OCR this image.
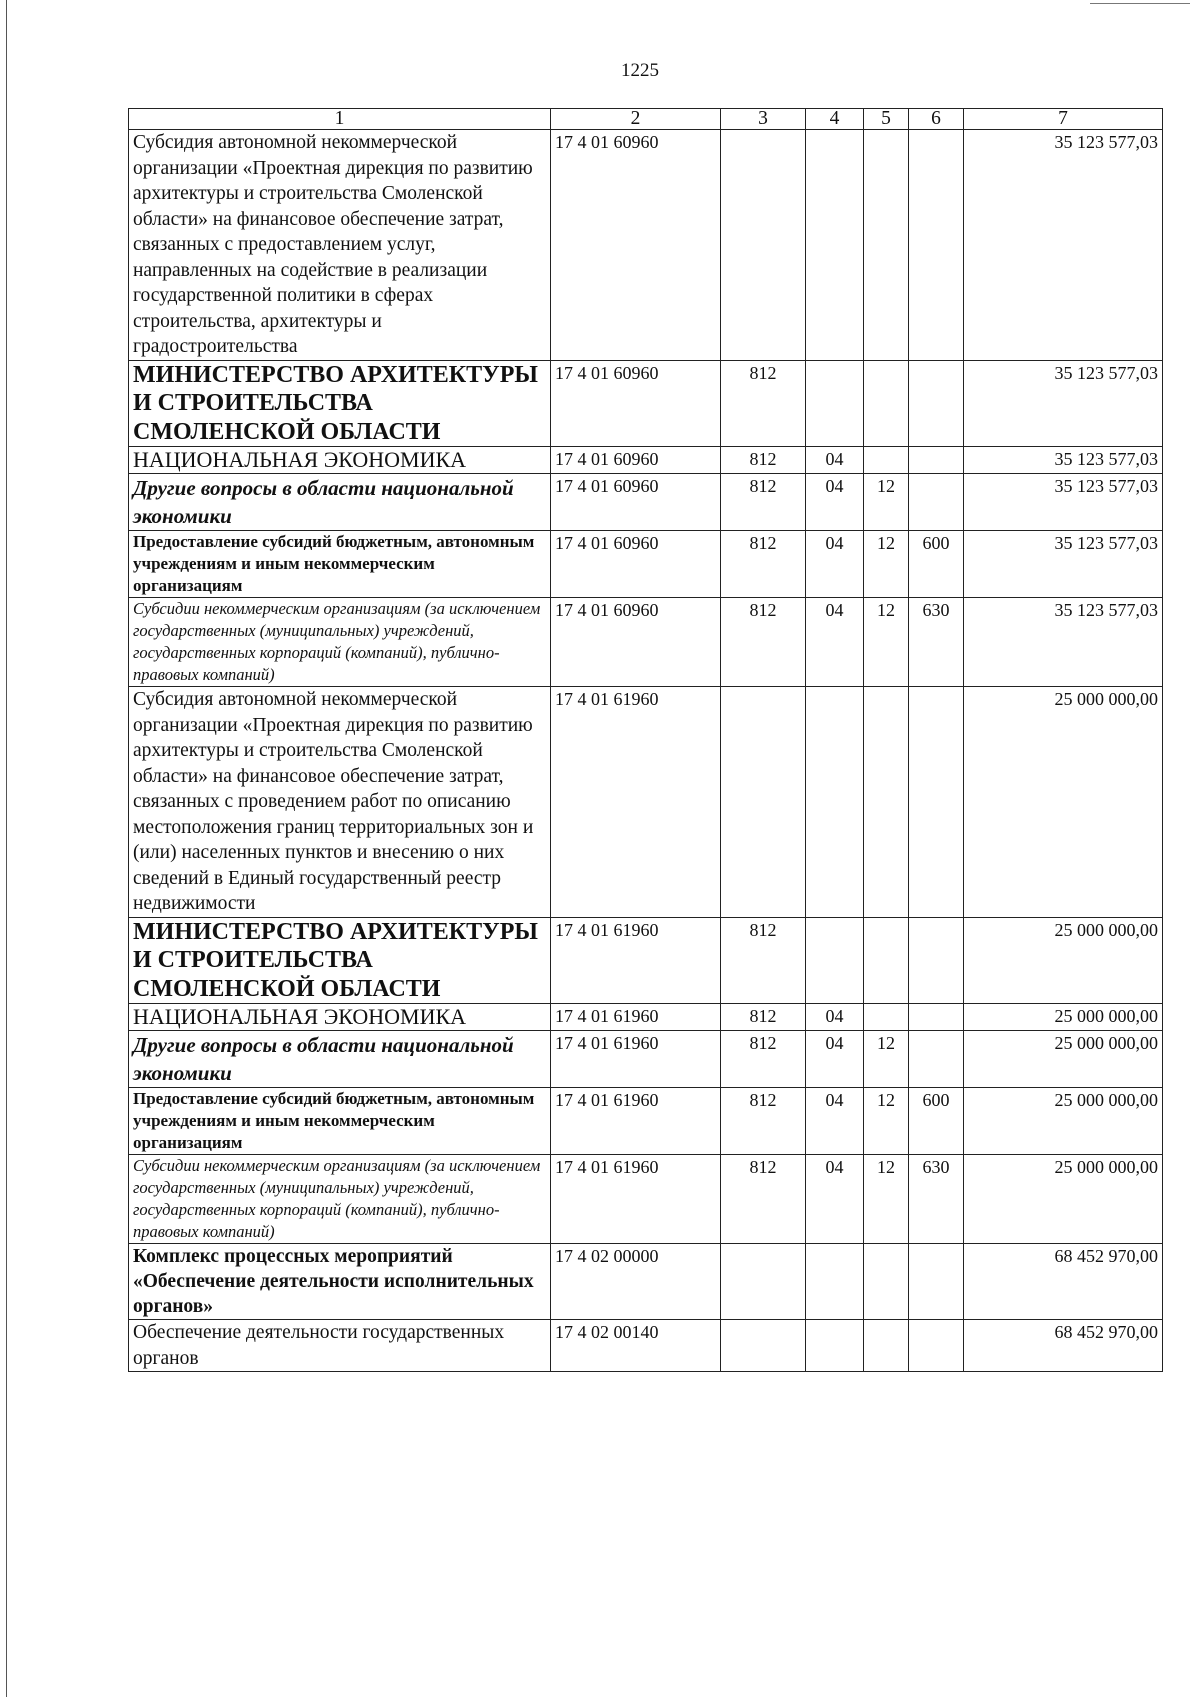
1225
1	2	3	4	5	6	7
Субсидия автономной некоммерческой организации «Проектная дирекция по развитию архитектуры и строительства Смоленской области» на финансовое обеспечение затрат, связанных с предоставлением услуг, направленных на содействие в реализации государственной политики в сферах строительства, архитектуры и градостроительства	17 4 01 60960					35 123 577,03
МИНИСТЕРСТВО АРХИТЕКТУРЫ И СТРОИТЕЛЬСТВА СМОЛЕНСКОЙ ОБЛАСТИ	17 4 01 60960	812				35 123 577,03
НАЦИОНАЛЬНАЯ ЭКОНОМИКА	17 4 01 60960	812	04			35 123 577,03
Другие вопросы в области национальной экономики	17 4 01 60960	812	04	12		35 123 577,03
Предоставление субсидий бюджетным, автономным учреждениям и иным некоммерческим организациям	17 4 01 60960	812	04	12	600	35 123 577,03
Субсидии некоммерческим организациям (за исключением государственных (муниципальных) учреждений, государственных корпораций (компаний), публично-правовых компаний)	17 4 01 60960	812	04	12	630	35 123 577,03
Субсидия автономной некоммерческой организации «Проектная дирекция по развитию архитектуры и строительства Смоленской области» на финансовое обеспечение затрат, связанных с проведением работ по описанию местоположения границ территориальных зон и (или) населенных пунктов и внесению о них сведений в Единый государственный реестр недвижимости	17 4 01 61960					25 000 000,00
МИНИСТЕРСТВО АРХИТЕКТУРЫ И СТРОИТЕЛЬСТВА СМОЛЕНСКОЙ ОБЛАСТИ	17 4 01 61960	812				25 000 000,00
НАЦИОНАЛЬНАЯ ЭКОНОМИКА	17 4 01 61960	812	04			25 000 000,00
Другие вопросы в области национальной экономики	17 4 01 61960	812	04	12		25 000 000,00
Предоставление субсидий бюджетным, автономным учреждениям и иным некоммерческим организациям	17 4 01 61960	812	04	12	600	25 000 000,00
Субсидии некоммерческим организациям (за исключением государственных (муниципальных) учреждений, государственных корпораций (компаний), публично-правовых компаний)	17 4 01 61960	812	04	12	630	25 000 000,00
Комплекс процессных мероприятий «Обеспечение деятельности исполнительных органов»	17 4 02 00000					68 452 970,00
Обеспечение деятельности государственных органов	17 4 02 00140					68 452 970,00
